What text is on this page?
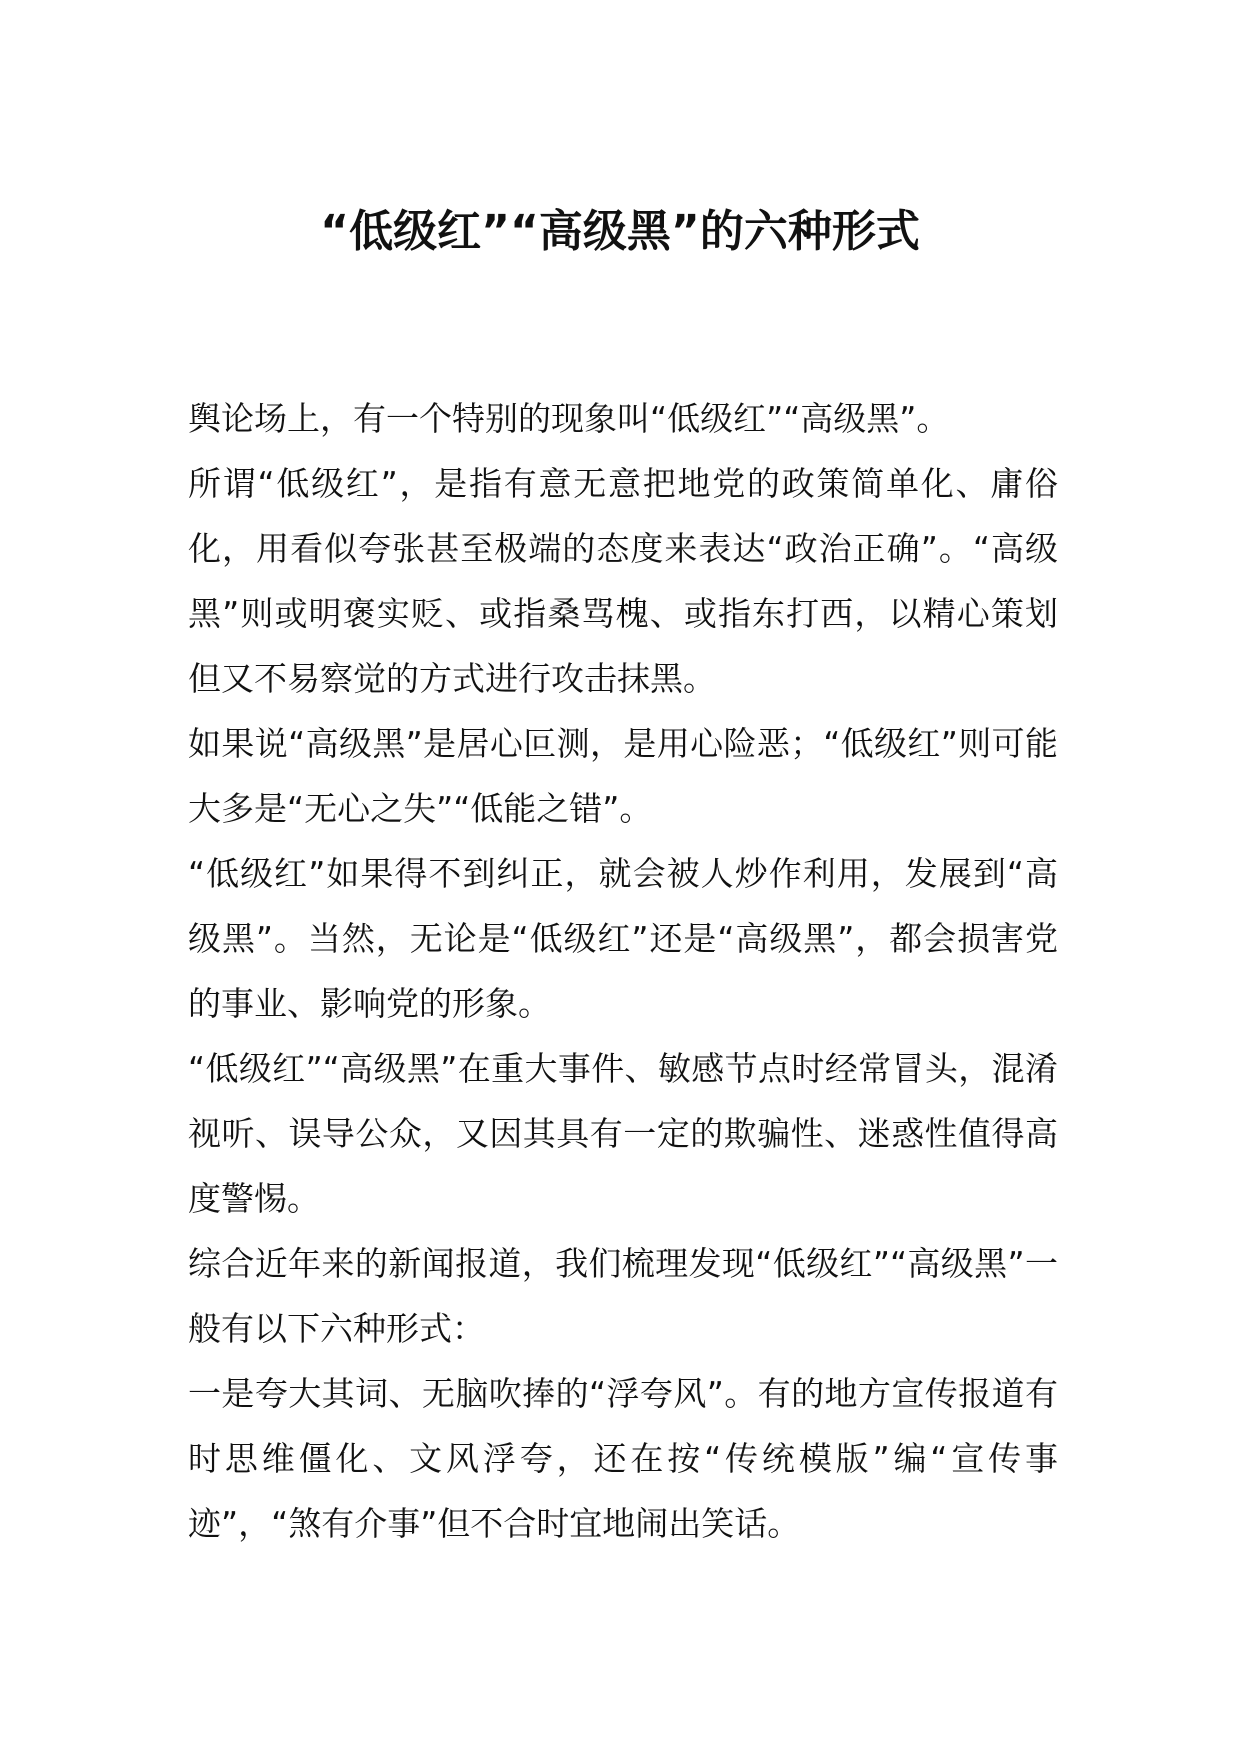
“低级红”“高级黑”的六种形式

舆论场上，有一个特别的现象叫“低级红”“高级黑”。

所谓“低级红”，是指有意无意把地党的政策简单化、庸俗化，用看似夸张甚至极端的态度来表达“政治正确”。“高级黑”则或明褒实贬、或指桑骂槐、或指东打西，以精心策划但又不易察觉的方式进行攻击抹黑。

如果说“高级黑”是居心叵测，是用心险恶；“低级红”则可能大多是“无心之失”“低能之错”。

“低级红”如果得不到纠正，就会被人炒作利用，发展到“高级黑”。当然，无论是“低级红”还是“高级黑”，都会损害党的事业、影响党的形象。

“低级红”“高级黑”在重大事件、敏感节点时经常冒头，混淆视听、误导公众，又因其具有一定的欺骗性、迷惑性值得高度警惕。

综合近年来的新闻报道，我们梳理发现“低级红”“高级黑”一般有以下六种形式：

一是夸大其词、无脑吹捧的“浮夸风”。有的地方宣传报道有时思维僵化、文风浮夸，还在按“传统模版”编“宣传事迹”，“煞有介事”但不合时宜地闹出笑话。
